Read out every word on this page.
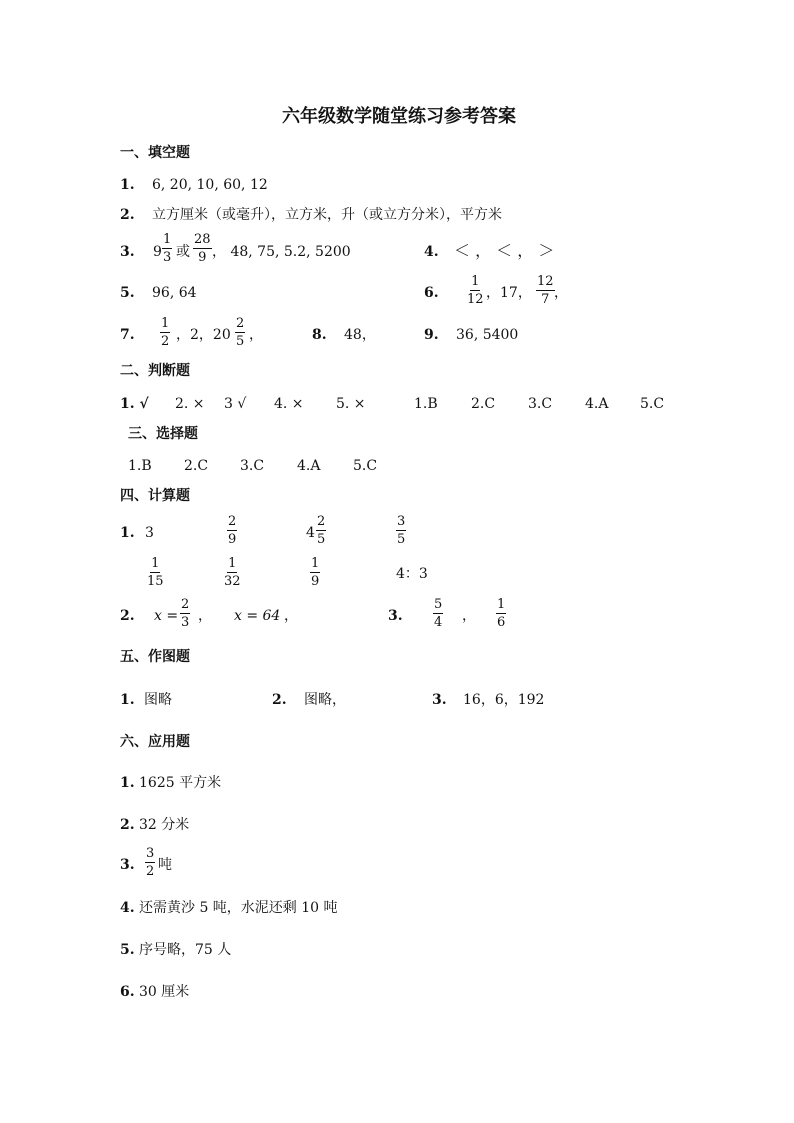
六年级数学随堂练习参考答案
一、填空题
1. 6, 20, 10, 60, 12
2. 立方厘米（或毫升），立方米，升（或立方分米），平方米
3. $9 \frac{1}{3}$ 或 $\frac{28}{9}$ ， 48, 75, 5.2, 5200	4. ＜ ， ＜ ， ＞
5. 96, 64	6. $\frac{1}{12}$ ，17， $\frac{12}{7}$ ，
7. $\frac{1}{2}$ ，2，$20 \frac{2}{5}$ ，	8. 48，	9. 36, 5400
二、判断题
1. √ 2. × 3 √ 4. × 5. ×	1.B 2.C 3.C 4.A 5.C
三、选择题
1.B 2.C 3.C 4.A 5.C
四、计算题
1. 3	$\frac{2}{9}$	$4 \frac{2}{5}$	$\frac{3}{5}$
$\frac{1}{15}$	$\frac{1}{32}$	$\frac{1}{9}$	4：3
2. $x = \frac{2}{3}$ ， x = 64 ，	3. $\frac{5}{4}$ ， $\frac{1}{6}$
五、作图题
1. 图略	2. 图略，	3. 16，6，192
六、应用题
1. 1625 平方米
2. 32 分米
3. $\frac{3}{2}$ 吨
4. 还需黄沙 5 吨，水泥还剩 10 吨
5. 序号略，75 人
6. 30 厘米
